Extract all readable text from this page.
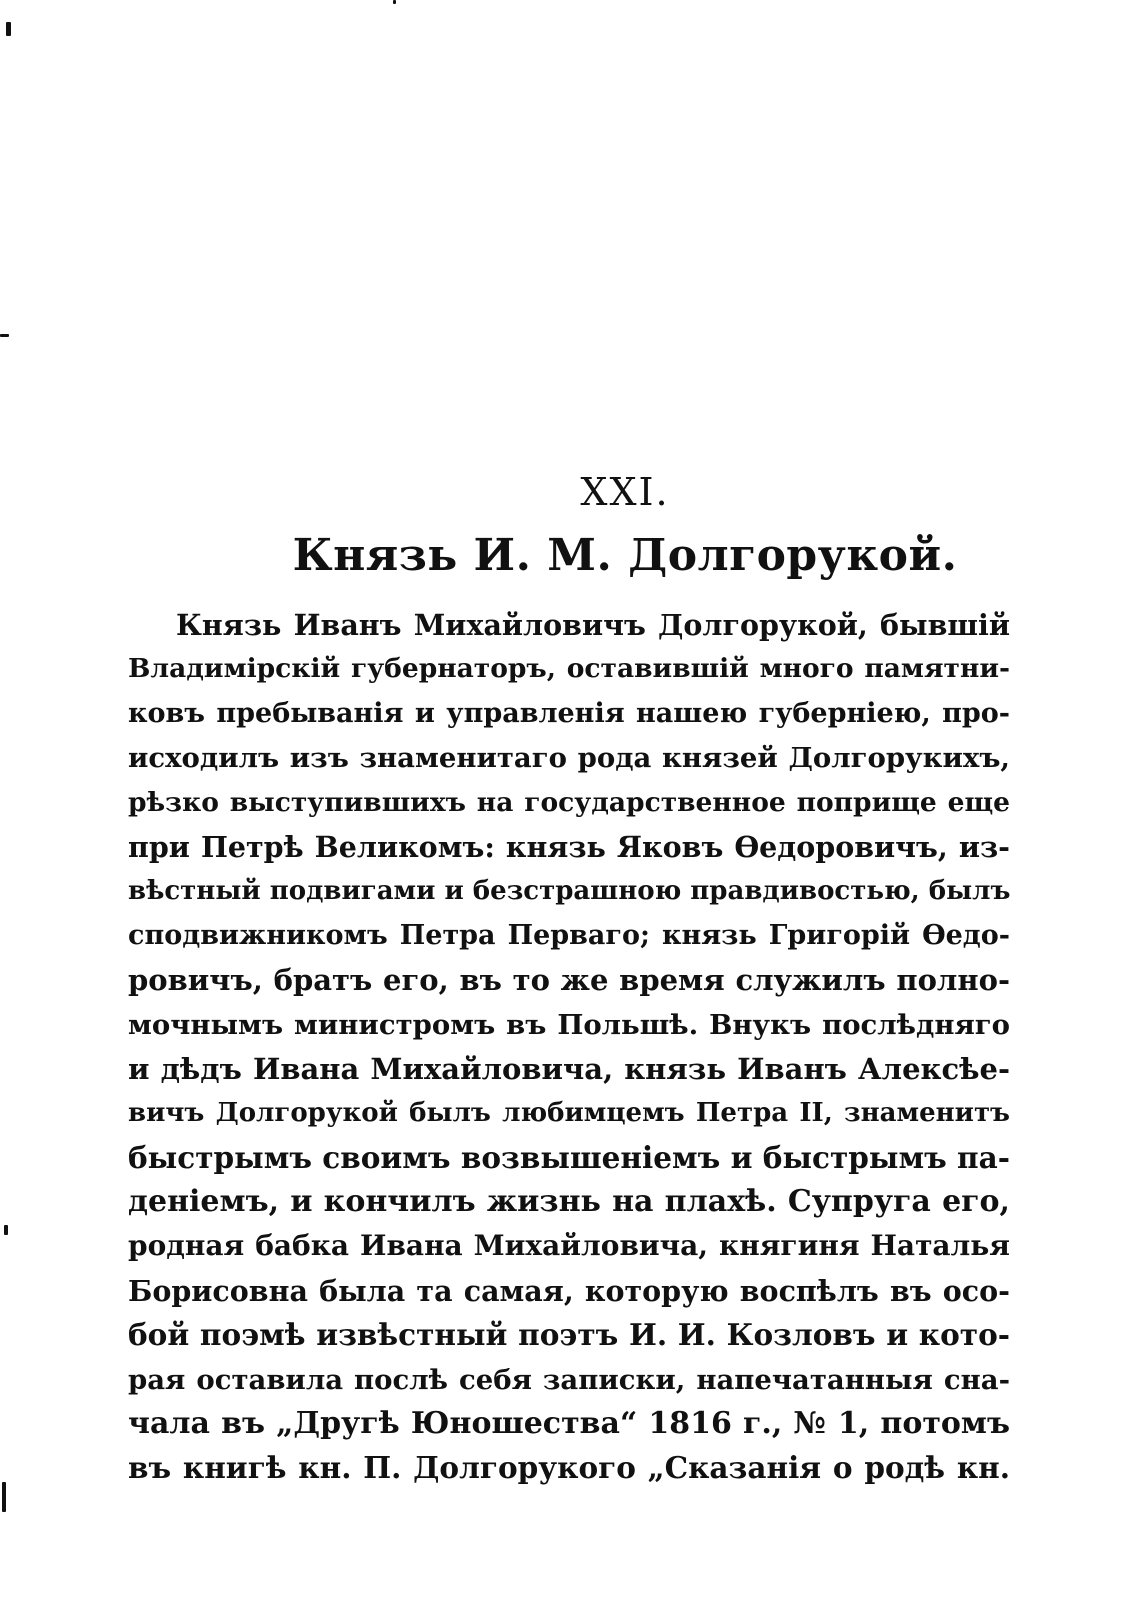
XXI.
Князь И. М. Долгорукой.
Князь Иванъ Михайловичъ Долгорукой, бывшій
Владимірскій губернаторъ, оставившій много памятни-
ковъ пребыванія и управленія нашею губерніею, про-
исходилъ изъ знаменитаго рода князей Долгорукихъ,
рѣзко выступившихъ на государственное поприще еще
при Петрѣ Великомъ: князь Яковъ Ѳедоровичъ, из-
вѣстный подвигами и безстрашною правдивостью, былъ
сподвижникомъ Петра Перваго; князь Григорій Ѳедо-
ровичъ, братъ его, въ то же время служилъ полно-
мочнымъ министромъ въ Польшѣ. Внукъ послѣдняго
и дѣдъ Ивана Михайловича, князь Иванъ Алексѣе-
вичъ Долгорукой былъ любимцемъ Петра II, знаменитъ
быстрымъ своимъ возвышеніемъ и быстрымъ па-
деніемъ, и кончилъ жизнь на плахѣ. Супруга его,
родная бабка Ивана Михайловича, княгиня Наталья
Борисовна была та самая, которую воспѣлъ въ осо-
бой поэмѣ извѣстный поэтъ И. И. Козловъ и кото-
рая оставила послѣ себя записки, напечатанныя сна-
чала въ „Другѣ Юношества“ 1816 г., № 1, потомъ
въ книгѣ кн. П. Долгорукого „Сказанія о родѣ кн.
